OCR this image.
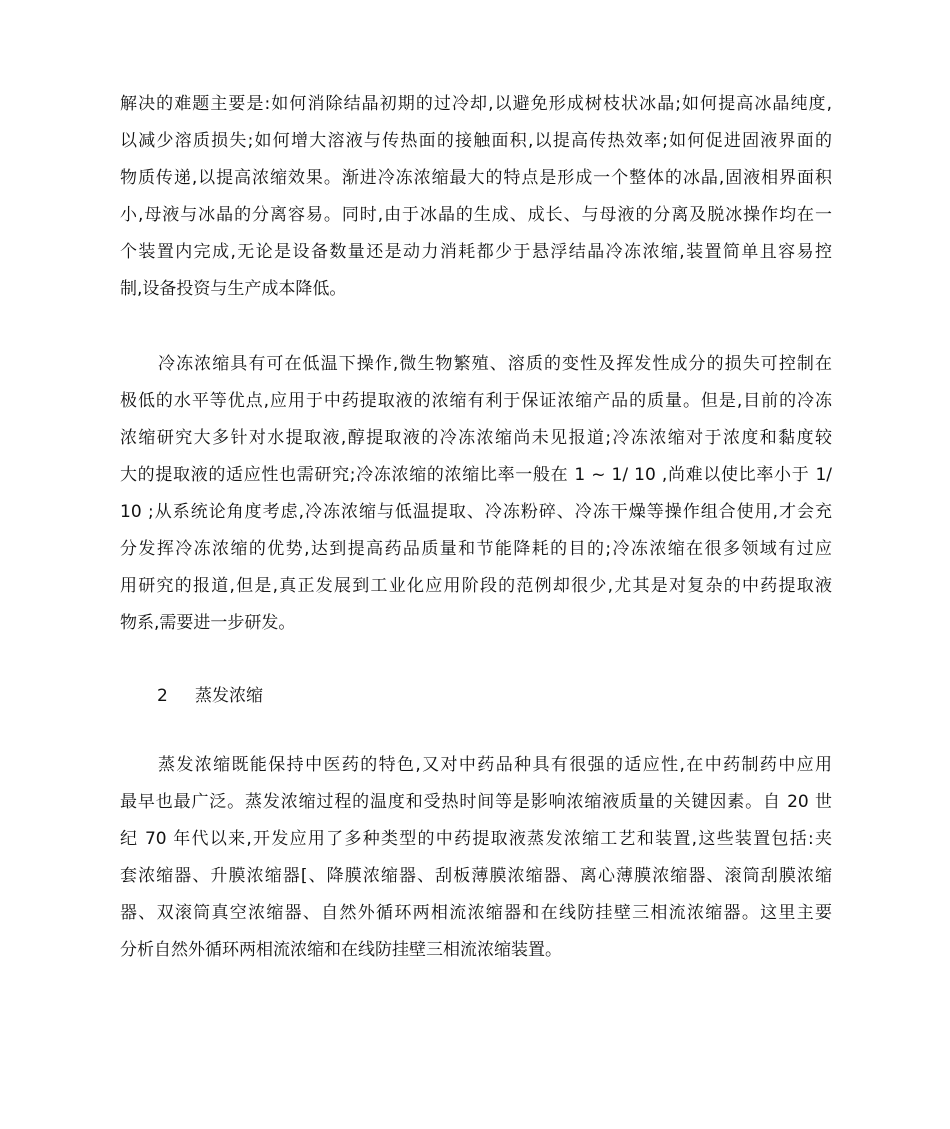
解决的难题主要是:如何消除结晶初期的过冷却,以避免形成树枝状冰晶;如何提高冰晶纯度,
以减少溶质损失;如何增大溶液与传热面的接触面积,以提高传热效率;如何促进固液界面的
物质传递,以提高浓缩效果。渐进冷冻浓缩最大的特点是形成一个整体的冰晶,固液相界面积
小,母液与冰晶的分离容易。同时,由于冰晶的生成、成长、与母液的分离及脱冰操作均在一
个装置内完成,无论是设备数量还是动力消耗都少于悬浮结晶冷冻浓缩,装置简单且容易控
制,设备投资与生产成本降低。
冷冻浓缩具有可在低温下操作,微生物繁殖、溶质的变性及挥发性成分的损失可控制在
极低的水平等优点,应用于中药提取液的浓缩有利于保证浓缩产品的质量。但是,目前的冷冻
浓缩研究大多针对水提取液,醇提取液的冷冻浓缩尚未见报道;冷冻浓缩对于浓度和黏度较
大的提取液的适应性也需研究;冷冻浓缩的浓缩比率一般在 1 ~ 1/ 10 ,尚难以使比率小于 1/
10 ;从系统论角度考虑,冷冻浓缩与低温提取、冷冻粉碎、冷冻干燥等操作组合使用,才会充
分发挥冷冻浓缩的优势,达到提高药品质量和节能降耗的目的;冷冻浓缩在很多领域有过应
用研究的报道,但是,真正发展到工业化应用阶段的范例却很少,尤其是对复杂的中药提取液
物系,需要进一步研发。
2 蒸发浓缩
蒸发浓缩既能保持中医药的特色,又对中药品种具有很强的适应性,在中药制药中应用
最早也最广泛。蒸发浓缩过程的温度和受热时间等是影响浓缩液质量的关键因素。自 20 世
纪 70 年代以来,开发应用了多种类型的中药提取液蒸发浓缩工艺和装置,这些装置包括:夹
套浓缩器、升膜浓缩器[、降膜浓缩器、刮板薄膜浓缩器、离心薄膜浓缩器、滚筒刮膜浓缩
器、双滚筒真空浓缩器、自然外循环两相流浓缩器和在线防挂壁三相流浓缩器。这里主要
分析自然外循环两相流浓缩和在线防挂壁三相流浓缩装置。
